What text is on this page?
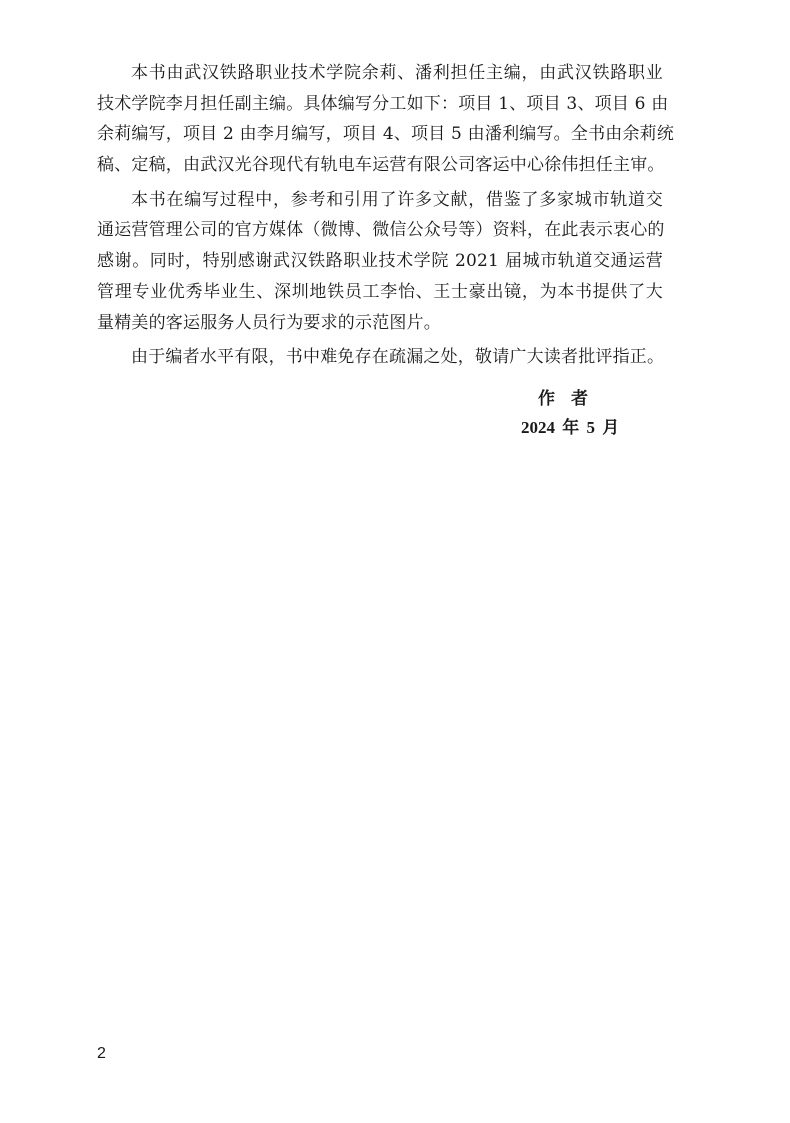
本书由武汉铁路职业技术学院余莉、潘利担任主编，由武汉铁路职业
技术学院李月担任副主编。具体编写分工如下：项目 1、项目 3、项目 6 由
余莉编写，项目 2 由李月编写，项目 4、项目 5 由潘利编写。全书由余莉统
稿、定稿，由武汉光谷现代有轨电车运营有限公司客运中心徐伟担任主审。
本书在编写过程中，参考和引用了许多文献，借鉴了多家城市轨道交
通运营管理公司的官方媒体（微博、微信公众号等）资料，在此表示衷心的
感谢。同时，特别感谢武汉铁路职业技术学院 2021 届城市轨道交通运营
管理专业优秀毕业生、深圳地铁员工李怡、王士豪出镜，为本书提供了大
量精美的客运服务人员行为要求的示范图片。
由于编者水平有限，书中难免存在疏漏之处，敬请广大读者批评指正。
作者
2024 年 5 月
2
